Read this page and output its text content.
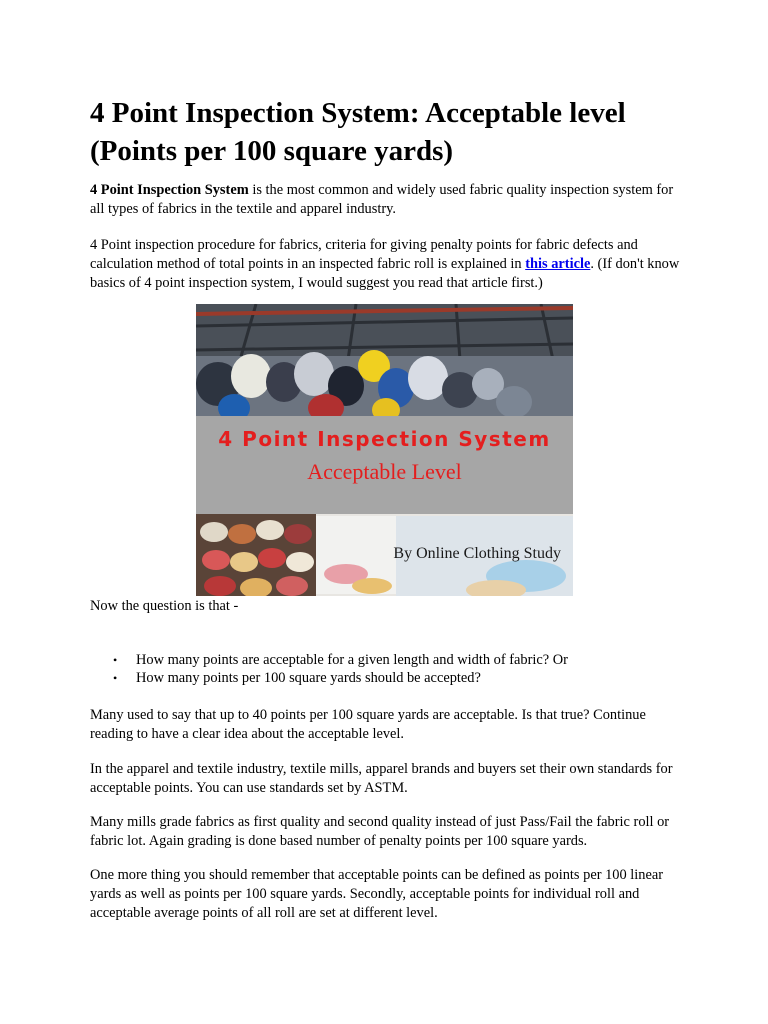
4 Point Inspection System: Acceptable level
(Points per 100 square yards)

4 Point Inspection System is the most common and widely used fabric quality inspection system for all types of fabrics in the textile and apparel industry.

4 Point inspection procedure for fabrics, criteria for giving penalty points for fabric defects and calculation method of total points in an inspected fabric roll is explained in this article. (If don't know basics of 4 point inspection system, I would suggest you read that article first.)

4 Point Inspection System
Acceptable Level
By Online Clothing Study

Now the question is that -

• How many points are acceptable for a given length and width of fabric? Or
• How many points per 100 square yards should be accepted?

Many used to say that up to 40 points per 100 square yards are acceptable. Is that true? Continue reading to have a clear idea about the acceptable level.

In the apparel and textile industry, textile mills, apparel brands and buyers set their own standards for acceptable points. You can use standards set by ASTM.

Many mills grade fabrics as first quality and second quality instead of just Pass/Fail the fabric roll or fabric lot. Again grading is done based number of penalty points per 100 square yards.

One more thing you should remember that acceptable points can be defined as points per 100 linear yards as well as points per 100 square yards. Secondly, acceptable points for individual roll and acceptable average points of all roll are set at different level.
